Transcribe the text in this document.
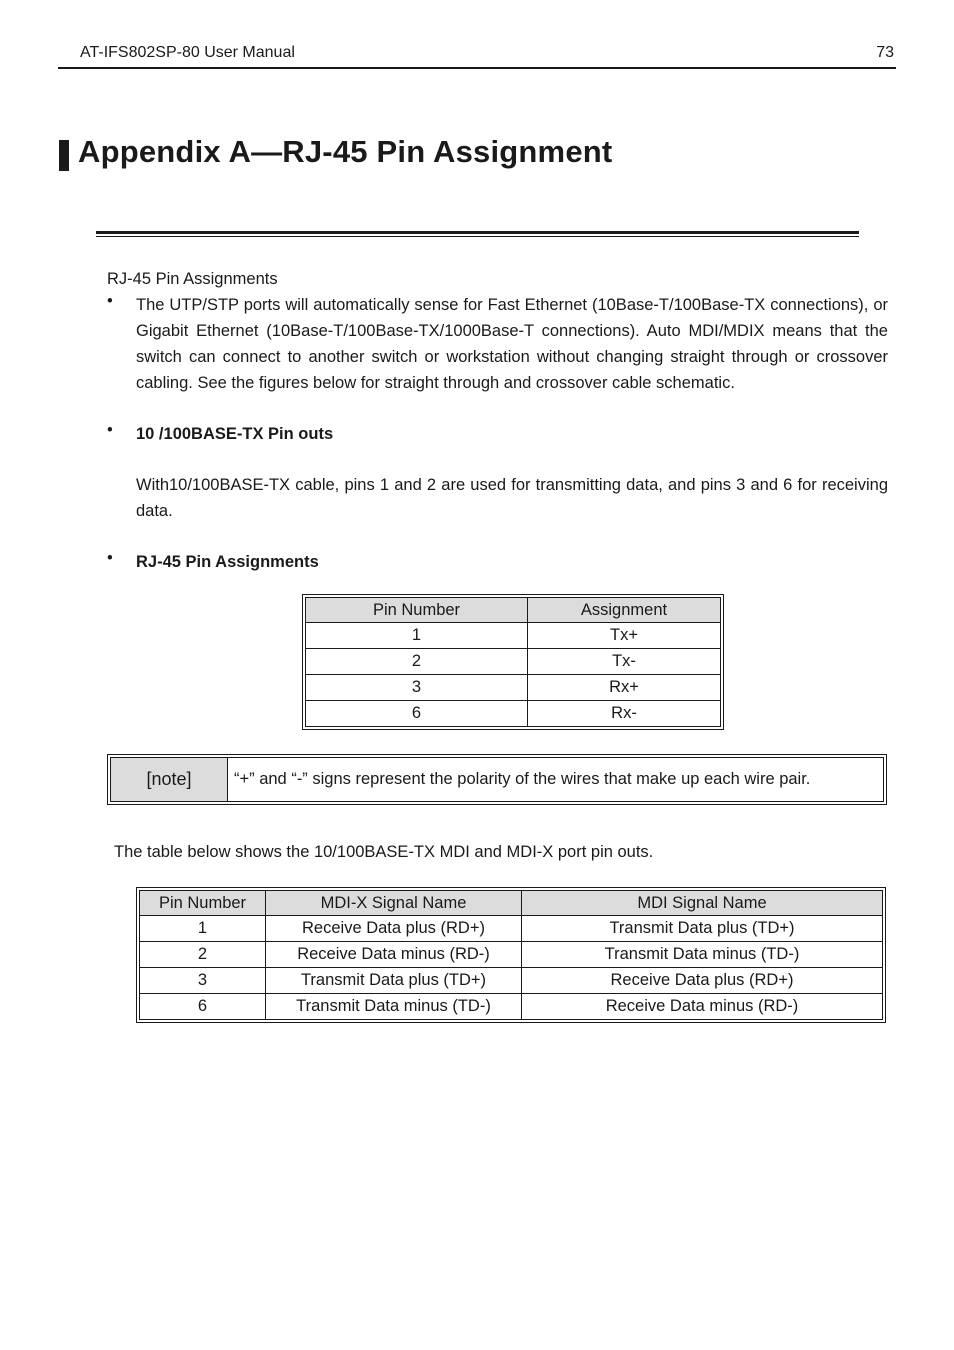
AT-IFS802SP-80 User Manual	73
Appendix A—RJ-45 Pin Assignment
RJ-45 Pin Assignments
• The UTP/STP ports will automatically sense for Fast Ethernet (10Base-T/100Base-TX connections), or Gigabit Ethernet (10Base-T/100Base-TX/1000Base-T connections). Auto MDI/MDIX means that the switch can connect to another switch or workstation without changing straight through or crossover cabling. See the figures below for straight through and crossover cable schematic.
• 10 /100BASE-TX Pin outs
With10/100BASE-TX cable, pins 1 and 2 are used for transmitting data, and pins 3 and 6 for receiving data.
• RJ-45 Pin Assignments
Pin Number	Assignment
1	Tx+
2	Tx-
3	Rx+
6	Rx-
[note]	“+” and “-” signs represent the polarity of the wires that make up each wire pair.
The table below shows the 10/100BASE-TX MDI and MDI-X port pin outs.
Pin Number	MDI-X Signal Name	MDI Signal Name
1	Receive Data plus (RD+)	Transmit Data plus (TD+)
2	Receive Data minus (RD-)	Transmit Data minus (TD-)
3	Transmit Data plus (TD+)	Receive Data plus (RD+)
6	Transmit Data minus (TD-)	Receive Data minus (RD-)
